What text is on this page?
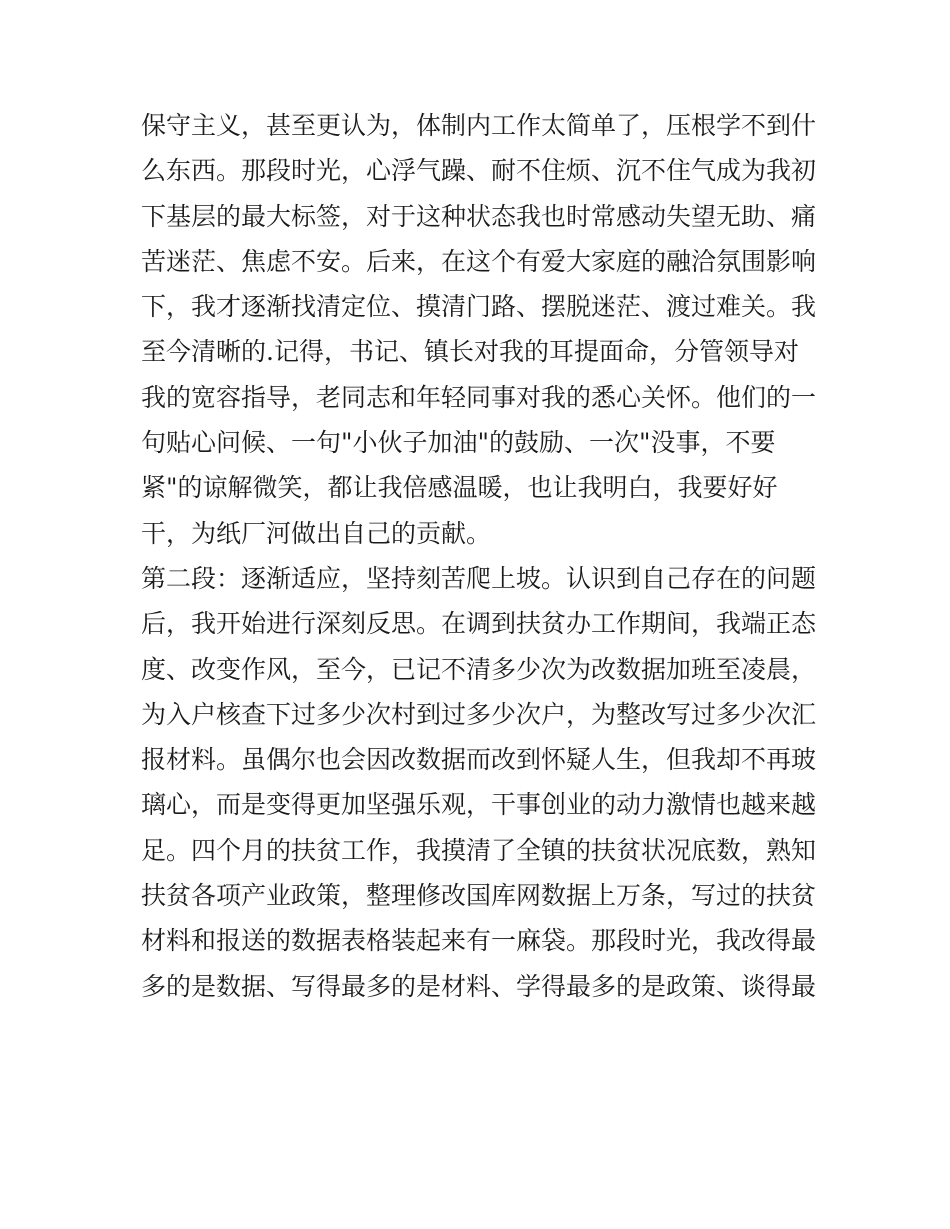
保守主义，甚至更认为，体制内工作太简单了，压根学不到什
么东西。那段时光，心浮气躁、耐不住烦、沉不住气成为我初
下基层的最大标签，对于这种状态我也时常感动失望无助、痛
苦迷茫、焦虑不安。后来，在这个有爱大家庭的融洽氛围影响
下，我才逐渐找清定位、摸清门路、摆脱迷茫、渡过难关。我
至今清晰的.记得，书记、镇长对我的耳提面命，分管领导对
我的宽容指导，老同志和年轻同事对我的悉心关怀。他们的一
句贴心问候、一句"小伙子加油"的鼓励、一次"没事，不要
紧"的谅解微笑，都让我倍感温暖，也让我明白，我要好好
干，为纸厂河做出自己的贡献。
第二段：逐渐适应，坚持刻苦爬上坡。认识到自己存在的问题
后，我开始进行深刻反思。在调到扶贫办工作期间，我端正态
度、改变作风，至今，已记不清多少次为改数据加班至凌晨，
为入户核查下过多少次村到过多少次户，为整改写过多少次汇
报材料。虽偶尔也会因改数据而改到怀疑人生，但我却不再玻
璃心，而是变得更加坚强乐观，干事创业的动力激情也越来越
足。四个月的扶贫工作，我摸清了全镇的扶贫状况底数，熟知
扶贫各项产业政策，整理修改国库网数据上万条，写过的扶贫
材料和报送的数据表格装起来有一麻袋。那段时光，我改得最
多的是数据、写得最多的是材料、学得最多的是政策、谈得最
